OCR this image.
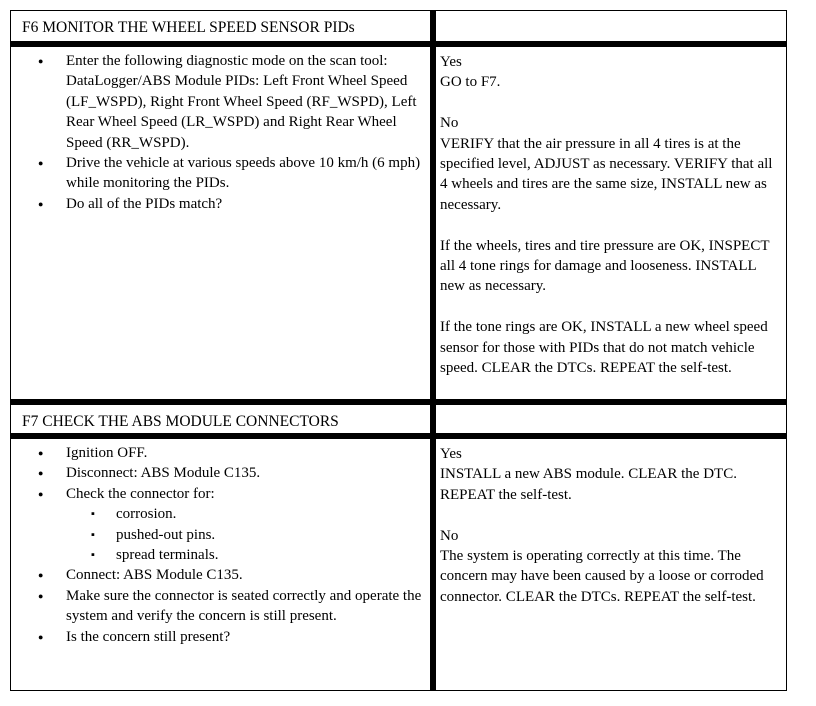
F6 MONITOR THE WHEEL SPEED SENSOR PIDs
● Enter the following diagnostic mode on the scan tool: DataLogger/ABS Module PIDs: Left Front Wheel Speed (LF_WSPD), Right Front Wheel Speed (RF_WSPD), Left Rear Wheel Speed (LR_WSPD) and Right Rear Wheel Speed (RR_WSPD).
● Drive the vehicle at various speeds above 10 km/h (6 mph) while monitoring the PIDs.
● Do all of the PIDs match?

Yes

GO to F7.

No

VERIFY that the air pressure in all 4 tires is at the specified level, ADJUST as necessary. VERIFY that all 4 wheels and tires are the same size, INSTALL new as necessary.

If the wheels, tires and tire pressure are OK, INSPECT all 4 tone rings for damage and looseness. INSTALL new as necessary.

If the tone rings are OK, INSTALL a new wheel speed sensor for those with PIDs that do not match vehicle speed. CLEAR the DTCs. REPEAT the self-test.

F7 CHECK THE ABS MODULE CONNECTORS
● Ignition OFF.
● Disconnect: ABS Module C135.
● Check the connector for:
▪ corrosion.
▪ pushed-out pins.
▪ spread terminals.
● Connect: ABS Module C135.
● Make sure the connector is seated correctly and operate the system and verify the concern is still present.
● Is the concern still present?

Yes

INSTALL a new ABS module. CLEAR the DTC. REPEAT the self-test.

No

The system is operating correctly at this time. The concern may have been caused by a loose or corroded connector. CLEAR the DTCs. REPEAT the self-test.
